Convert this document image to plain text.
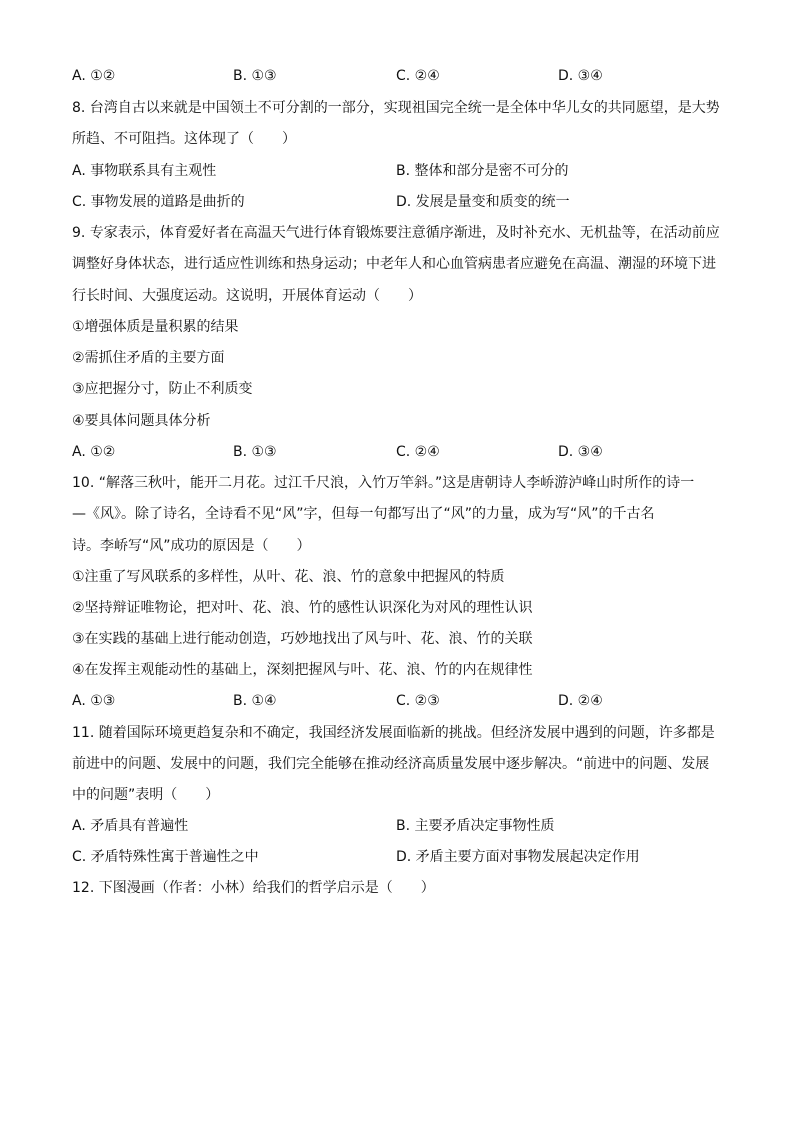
A. ①②	B. ①③	C. ②④	D. ③④
8. 台湾自古以来就是中国领土不可分割的一部分，实现祖国完全统一是全体中华儿女的共同愿望，是大势
所趋、不可阻挡。这体现了（　　）
A. 事物联系具有主观性	B. 整体和部分是密不可分的
C. 事物发展的道路是曲折的	D. 发展是量变和质变的统一
9. 专家表示，体育爱好者在高温天气进行体育锻炼要注意循序渐进，及时补充水、无机盐等，在活动前应
调整好身体状态，进行适应性训练和热身运动；中老年人和心血管病患者应避免在高温、潮湿的环境下进
行长时间、大强度运动。这说明，开展体育运动（　　）
①增强体质是量积累的结果
②需抓住矛盾的主要方面
③应把握分寸，防止不利质变
④要具体问题具体分析
A. ①②	B. ①③	C. ②④	D. ③④
10. “解落三秋叶，能开二月花。过江千尺浪，入竹万竿斜。”这是唐朝诗人李峤游泸峰山时所作的诗一
—《风》。除了诗名，全诗看不见“风”字，但每一句都写出了“风”的力量，成为写“风”的千古名
诗。李峤写“风”成功的原因是（　　）
①注重了写风联系的多样性，从叶、花、浪、竹的意象中把握风的特质
②坚持辩证唯物论，把对叶、花、浪、竹的感性认识深化为对风的理性认识
③在实践的基础上进行能动创造，巧妙地找出了风与叶、花、浪、竹的关联
④在发挥主观能动性的基础上，深刻把握风与叶、花、浪、竹的内在规律性
A. ①③	B. ①④	C. ②③	D. ②④
11. 随着国际环境更趋复杂和不确定，我国经济发展面临新的挑战。但经济发展中遇到的问题，许多都是
前进中的问题、发展中的问题，我们完全能够在推动经济高质量发展中逐步解决。“前进中的问题、发展
中的问题”表明（　　）
A. 矛盾具有普遍性	B. 主要矛盾决定事物性质
C. 矛盾特殊性寓于普遍性之中	D. 矛盾主要方面对事物发展起决定作用
12. 下图漫画（作者：小林）给我们的哲学启示是（　　）
